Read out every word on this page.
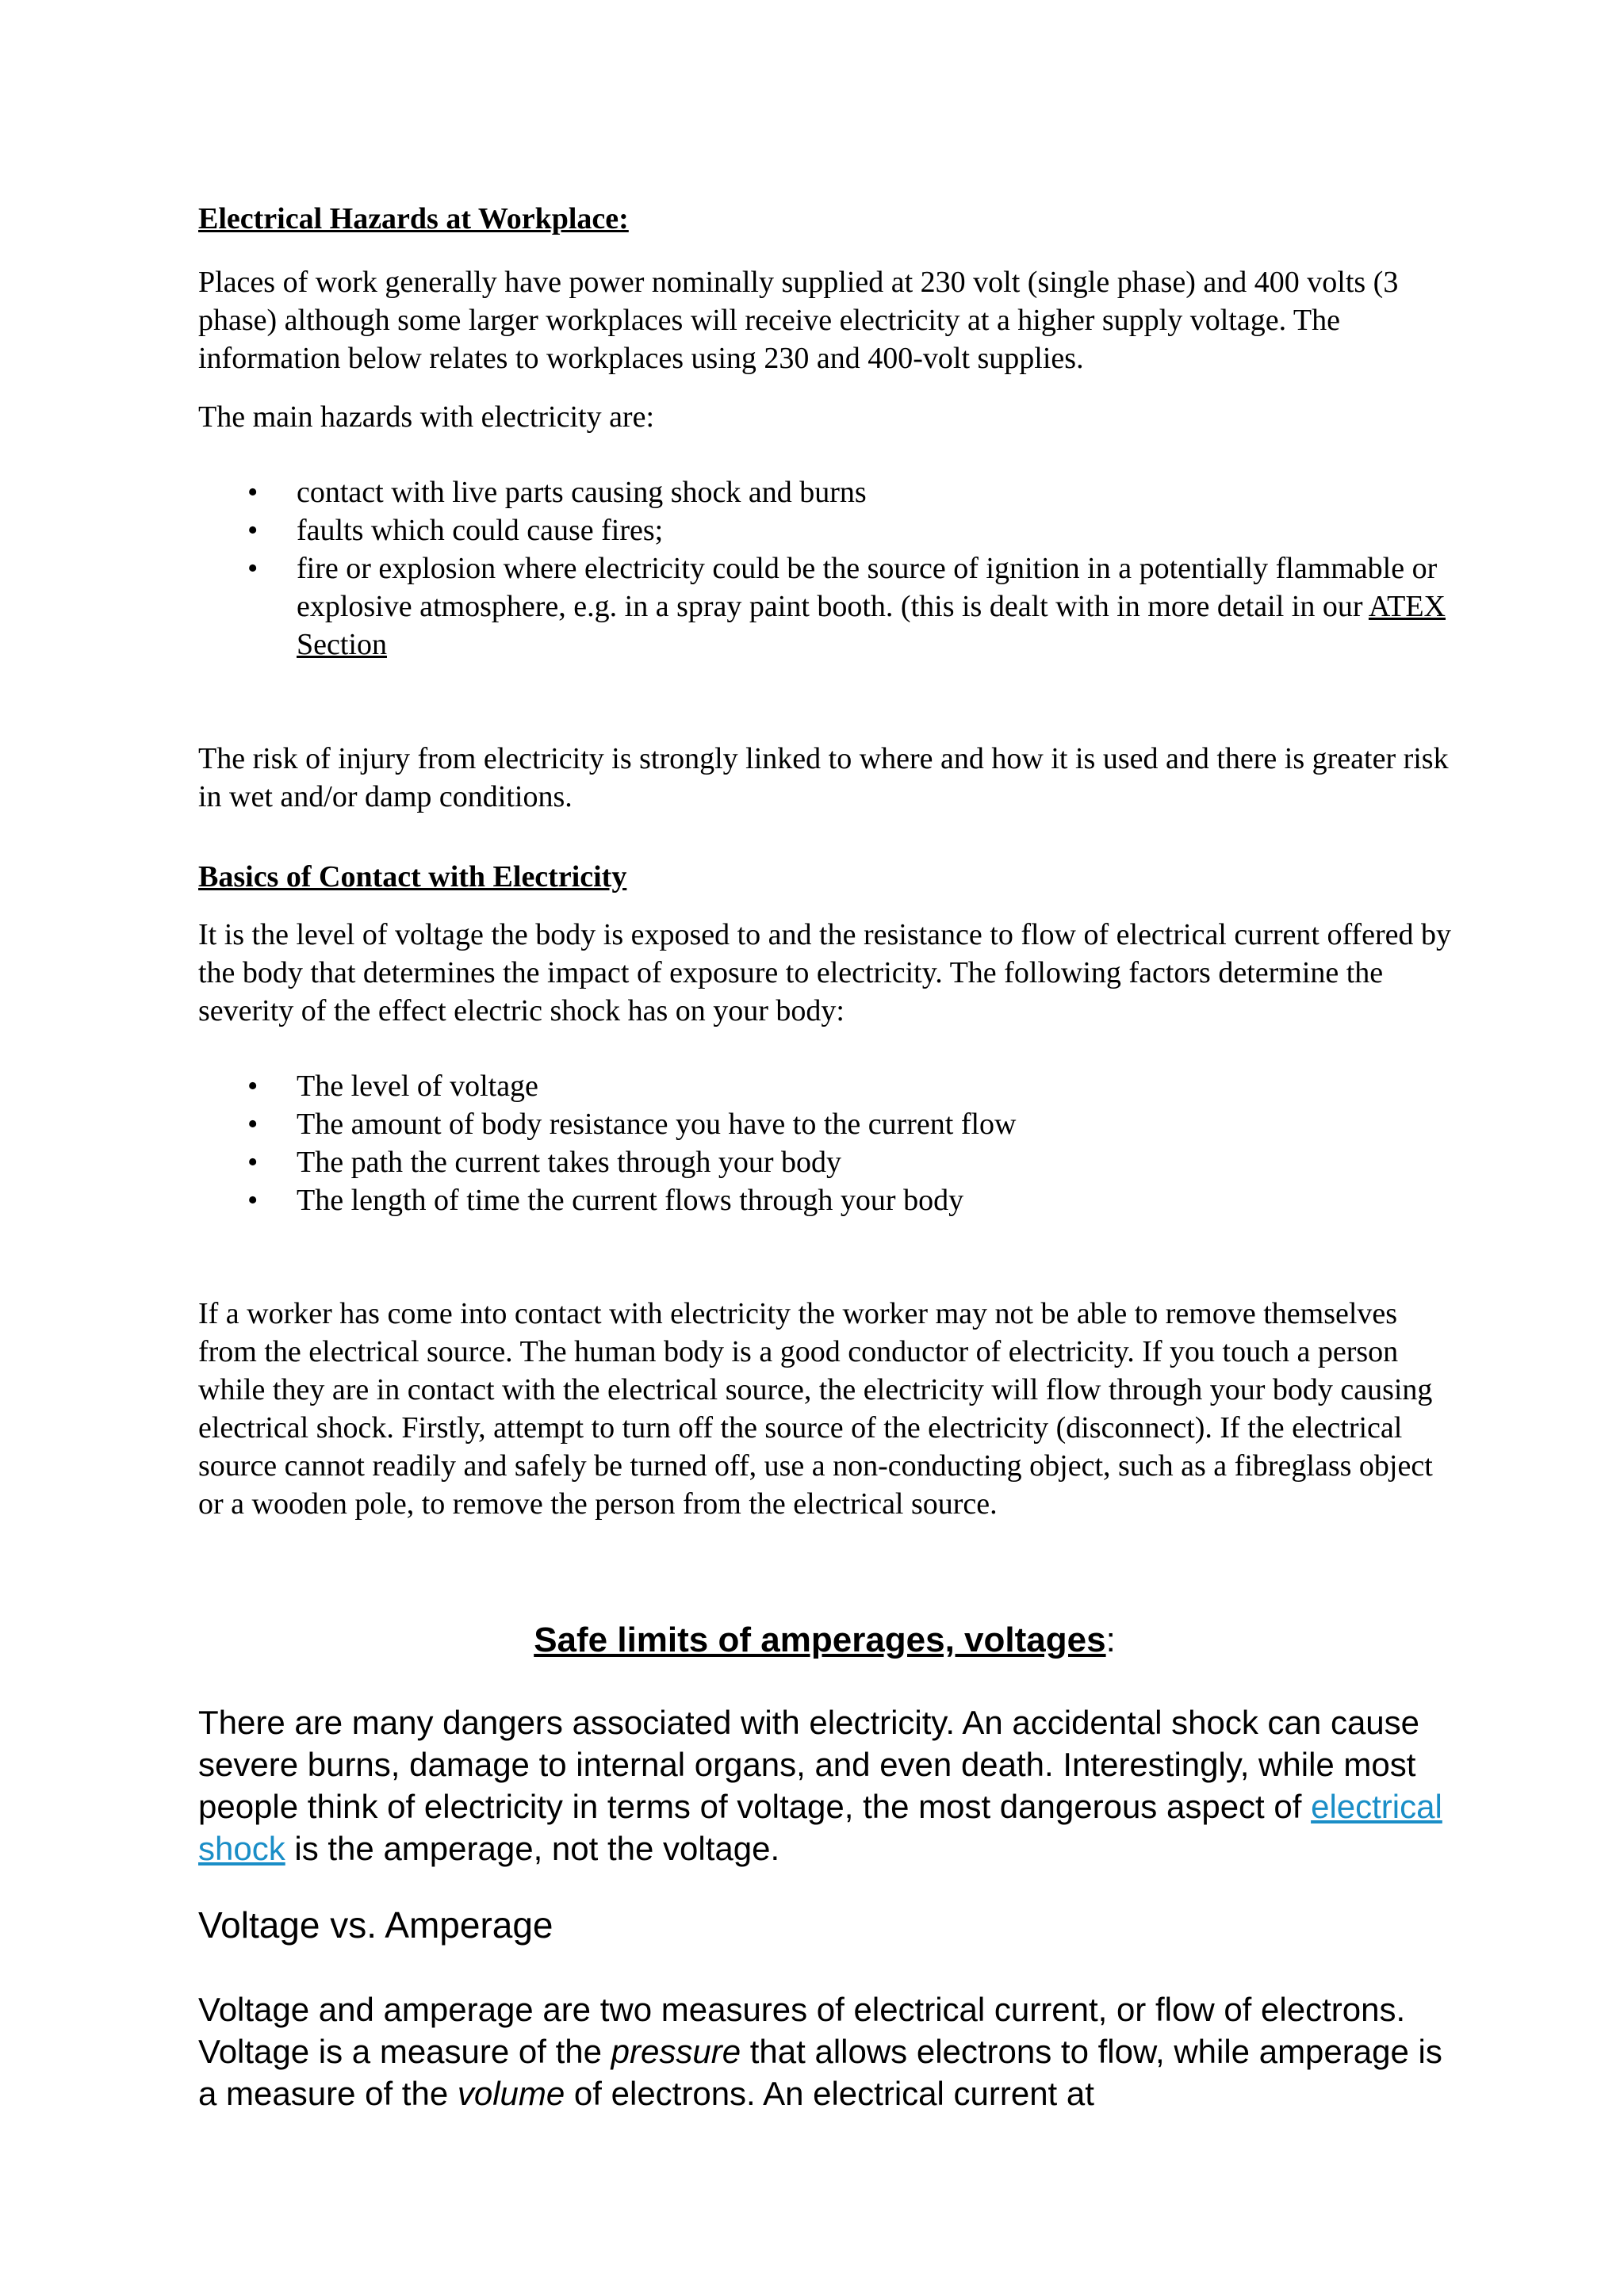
Electrical Hazards at Workplace:

Places of work generally have power nominally supplied at 230 volt (single phase) and 400 volts (3 phase) although some larger workplaces will receive electricity at a higher supply voltage. The information below relates to workplaces using 230 and 400-volt supplies.

The main hazards with electricity are:

• contact with live parts causing shock and burns
• faults which could cause fires;
• fire or explosion where electricity could be the source of ignition in a potentially flammable or explosive atmosphere, e.g. in a spray paint booth. (this is dealt with in more detail in our ATEX Section

The risk of injury from electricity is strongly linked to where and how it is used and there is greater risk in wet and/or damp conditions.

Basics of Contact with Electricity

It is the level of voltage the body is exposed to and the resistance to flow of electrical current offered by the body that determines the impact of exposure to electricity. The following factors determine the severity of the effect electric shock has on your body:

• The level of voltage
• The amount of body resistance you have to the current flow
• The path the current takes through your body
• The length of time the current flows through your body

If a worker has come into contact with electricity the worker may not be able to remove themselves from the electrical source. The human body is a good conductor of electricity. If you touch a person while they are in contact with the electrical source, the electricity will flow through your body causing electrical shock. Firstly, attempt to turn off the source of the electricity (disconnect). If the electrical source cannot readily and safely be turned off, use a non-conducting object, such as a fibreglass object or a wooden pole, to remove the person from the electrical source.

Safe limits of amperages, voltages:

There are many dangers associated with electricity. An accidental shock can cause severe burns, damage to internal organs, and even death. Interestingly, while most people think of electricity in terms of voltage, the most dangerous aspect of electrical shock is the amperage, not the voltage.

Voltage vs. Amperage

Voltage and amperage are two measures of electrical current, or flow of electrons. Voltage is a measure of the pressure that allows electrons to flow, while amperage is a measure of the volume of electrons. An electrical current at
